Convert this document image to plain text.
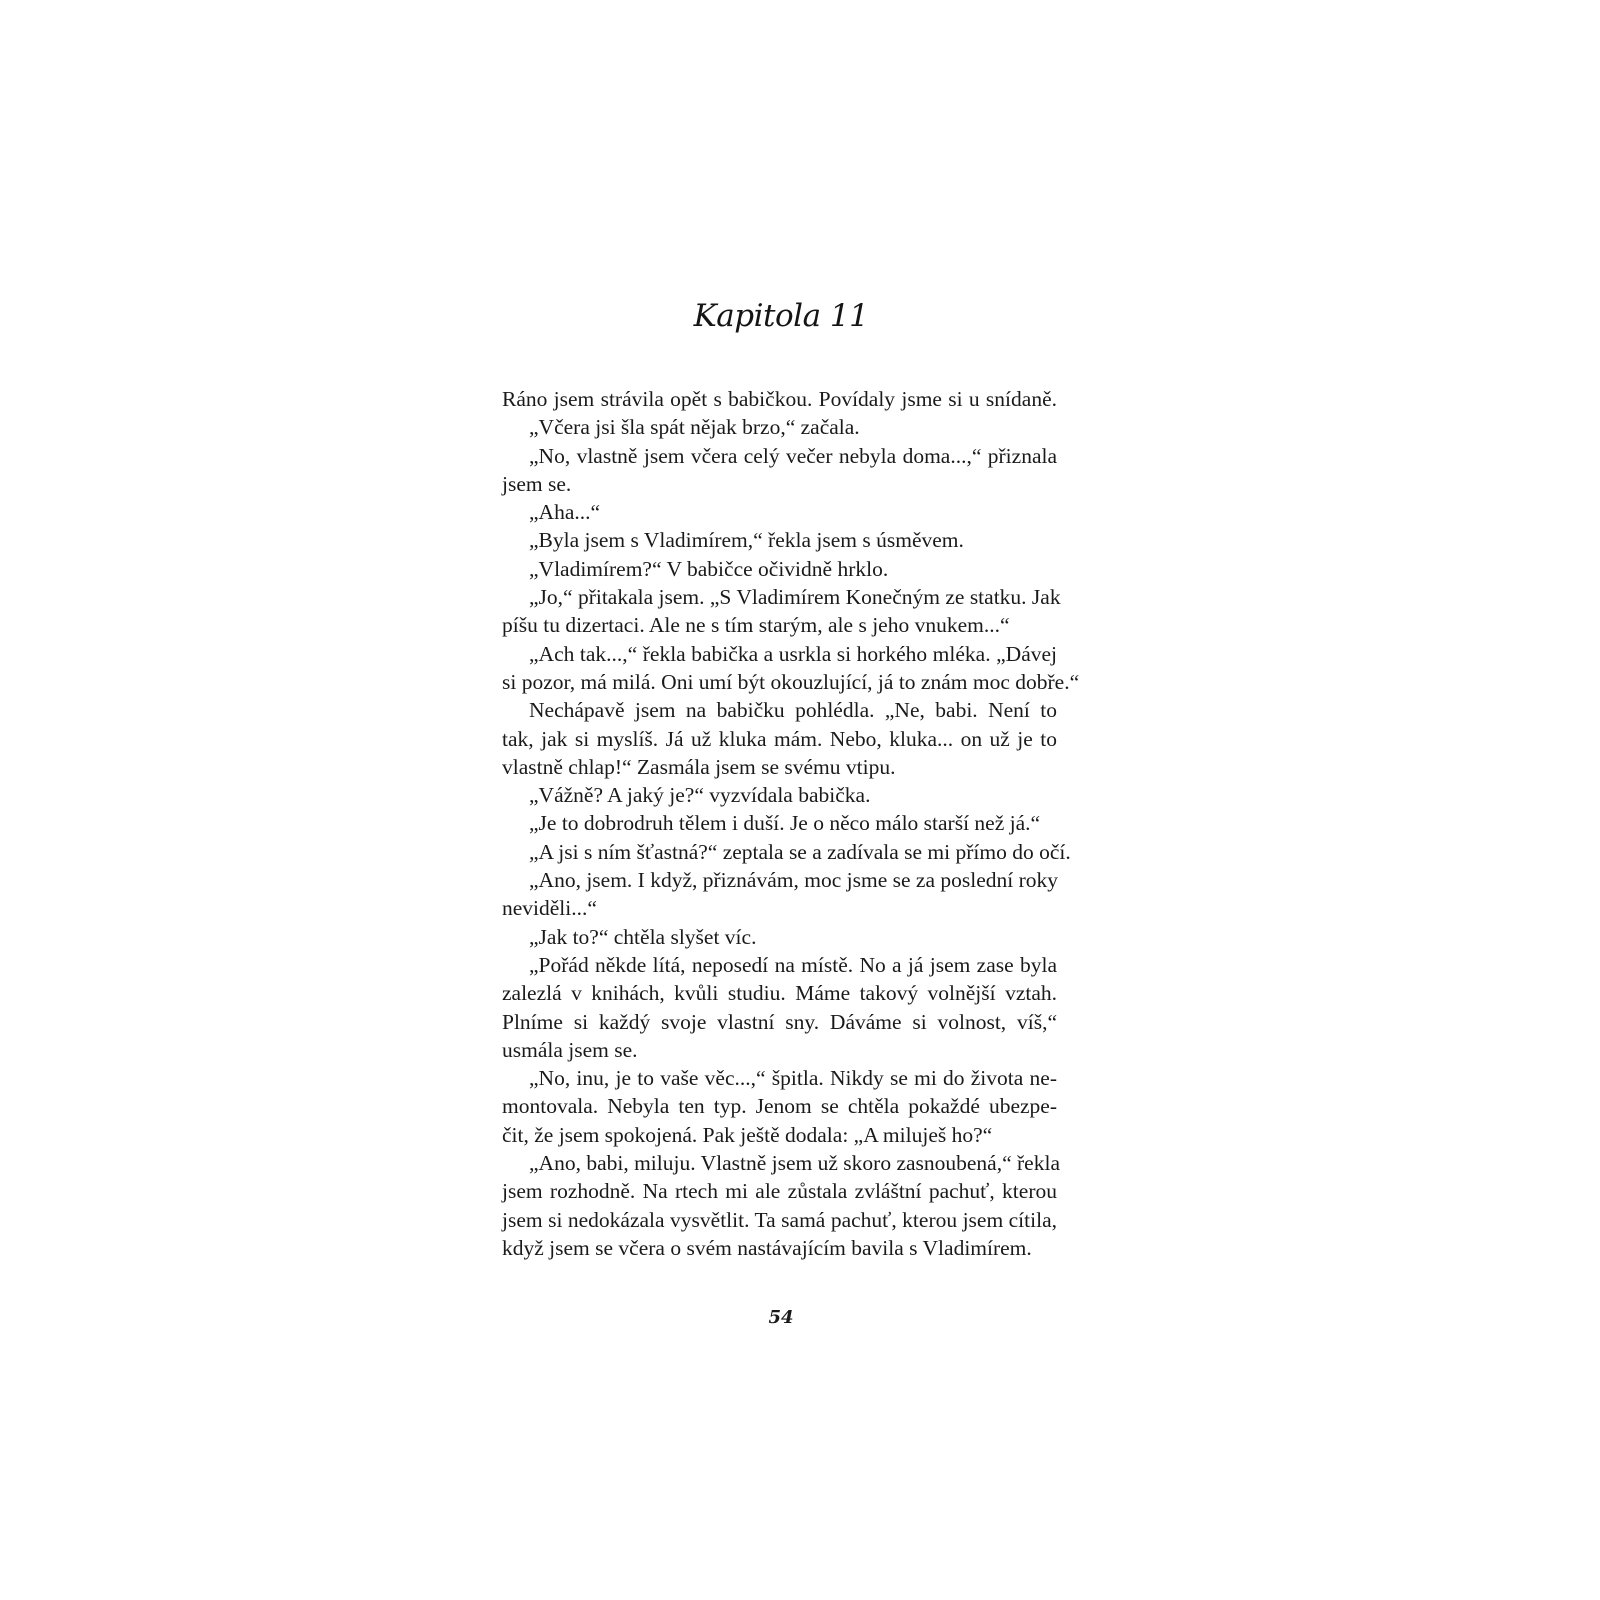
Kapitola 11
Ráno jsem strávila opět s babičkou. Povídaly jsme si u snídaně.
„Včera jsi šla spát nějak brzo,“ začala.
„No, vlastně jsem včera celý večer nebyla doma...,“ přiznala
jsem se.
„Aha...“
„Byla jsem s Vladimírem,“ řekla jsem s úsměvem.
„Vladimírem?“ V babičce očividně hrklo.
„Jo,“ přitakala jsem. „S Vladimírem Konečným ze statku. Jak
píšu tu dizertaci. Ale ne s tím starým, ale s jeho vnukem...“
„Ach tak...,“ řekla babička a usrkla si horkého mléka. „Dávej
si pozor, má milá. Oni umí být okouzlující, já to znám moc dobře.“
Nechápavě jsem na babičku pohlédla. „Ne, babi. Není to
tak, jak si myslíš. Já už kluka mám. Nebo, kluka... on už je to
vlastně chlap!“ Zasmála jsem se svému vtipu.
„Vážně? A jaký je?“ vyzvídala babička.
„Je to dobrodruh tělem i duší. Je o něco málo starší než já.“
„A jsi s ním šťastná?“ zeptala se a zadívala se mi přímo do očí.
„Ano, jsem. I když, přiznávám, moc jsme se za poslední roky
neviděli...“
„Jak to?“ chtěla slyšet víc.
„Pořád někde lítá, neposedí na místě. No a já jsem zase byla
zalezlá v knihách, kvůli studiu. Máme takový volnější vztah.
Plníme si každý svoje vlastní sny. Dáváme si volnost, víš,“
usmála jsem se.
„No, inu, je to vaše věc...,“ špitla. Nikdy se mi do života ne-
montovala. Nebyla ten typ. Jenom se chtěla pokaždé ubezpe-
čit, že jsem spokojená. Pak ještě dodala: „A miluješ ho?“
„Ano, babi, miluju. Vlastně jsem už skoro zasnoubená,“ řekla
jsem rozhodně. Na rtech mi ale zůstala zvláštní pachuť, kterou
jsem si nedokázala vysvětlit. Ta samá pachuť, kterou jsem cítila,
když jsem se včera o svém nastávajícím bavila s Vladimírem.
54
